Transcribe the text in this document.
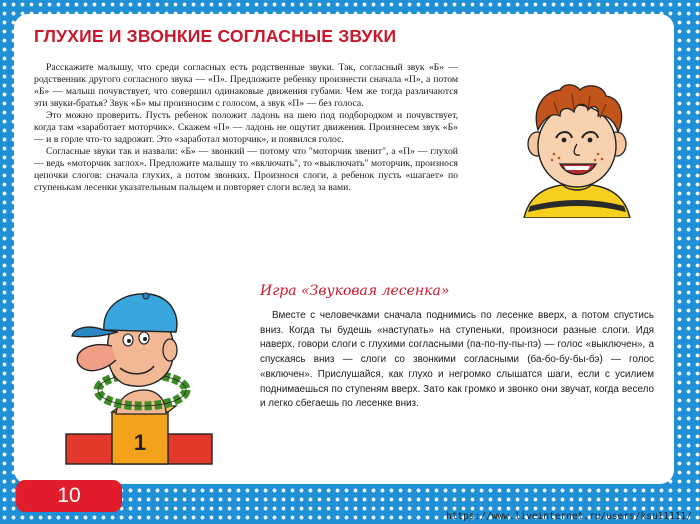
ГЛУХИЕ И ЗВОНКИЕ СОГЛАСНЫЕ ЗВУКИ

Расскажите малышу, что среди согласных есть родственные звуки. Так, согласный звук «Б» — родственник другого согласного звука — «П». Предложите ребенку произнести сначала «П», а потом «Б» — малыш почувствует, что совершил одинаковые движения губами. Чем же тогда различаются эти звуки-братья? Звук «Б» мы произносим с голосом, а звук «П» — без голоса.

Это можно проверить. Пусть ребенок положит ладонь на шею под подбородком и почувствует, когда там «заработает моторчик». Скажем «П» — ладонь не ощутит движения. Произнесем звук «Б» — и в горле что-то задрожит. Это «заработал моторчик», и появился голос.

Согласные звуки так и назвали: «Б» — звонкий — потому что "моторчик звенит", а «П» — глухой — ведь «моторчик заглох». Предложите малышу то «включать", то «выключать" моторчик, произнося цепочки слогов: сначала глухих, а потом звонких. Произнося слоги, а ребенок пусть «шагает» по ступенькам лесенки указательным пальцем и повторяет слоги вслед за вами.

Игра «Звуковая лесенка»

Вместе с человечками сначала поднимись по лесенке вверх, а потом спустись вниз. Когда ты будешь «наступать» на ступеньки, произноси разные слоги. Идя наверх, говори слоги с глухими согласными (па-по-пу-пы-пэ) — голос «выключен», а спускаясь вниз — слоги со звонкими согласными (ба-бо-бу-бы-бэ) — голос «включен». Прислушайся, как глухо и негромко слышатся шаги, если с усилием поднимаешься по ступеням вверх. Зато как громко и звонко они звучат, когда весело и легко сбегаешь по лесенке вниз.

1
10
https://www.liveinternet.ru/users/ksu11111/
